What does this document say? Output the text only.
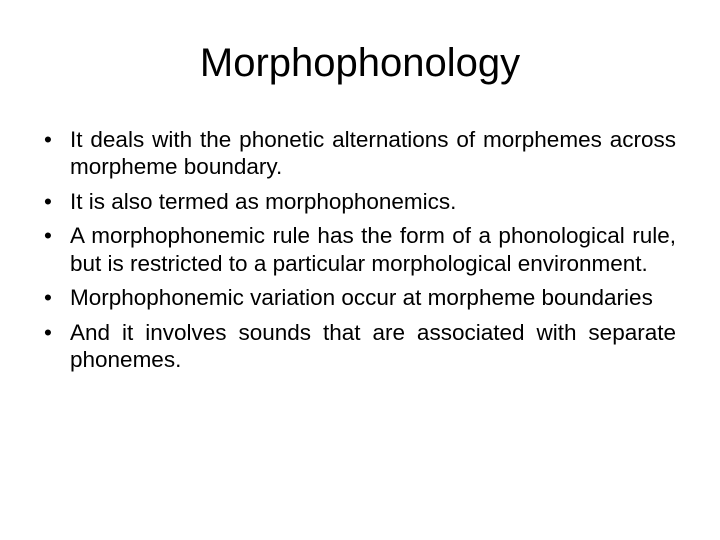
Morphophonology
• It deals with the phonetic alternations of morphemes across morpheme boundary.
• It is also termed as morphophonemics.
• A morphophonemic rule has the form of a phonological rule, but is restricted to a particular morphological environment.
• Morphophonemic variation occur at morpheme boundaries
• And it involves sounds that are associated with separate phonemes.
